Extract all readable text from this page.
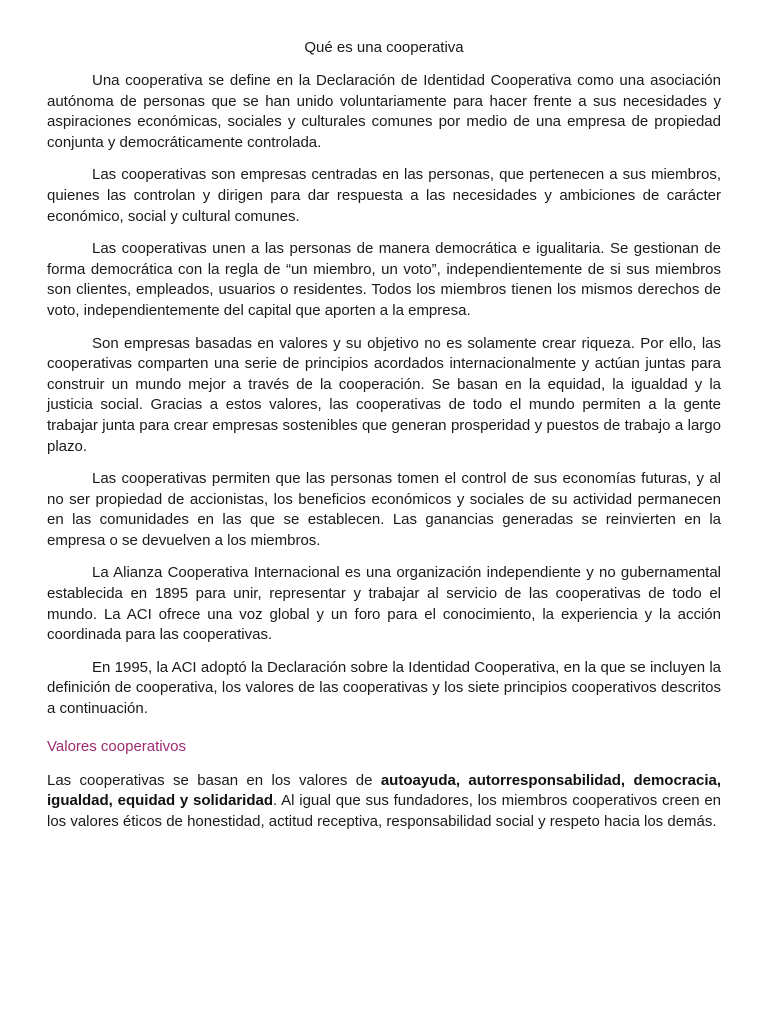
Qué es una cooperativa

Una cooperativa se define en la Declaración de Identidad Cooperativa como una asociación autónoma de personas que se han unido voluntariamente para hacer frente a sus necesidades y aspiraciones económicas, sociales y culturales comunes por medio de una empresa de propiedad conjunta y democráticamente controlada.

Las cooperativas son empresas centradas en las personas, que pertenecen a sus miembros, quienes las controlan y dirigen para dar respuesta a las necesidades y ambiciones de carácter económico, social y cultural comunes.

Las cooperativas unen a las personas de manera democrática e igualitaria. Se gestionan de forma democrática con la regla de “un miembro, un voto”, independientemente de si sus miembros son clientes, empleados, usuarios o residentes. Todos los miembros tienen los mismos derechos de voto, independientemente del capital que aporten a la empresa.

Son empresas basadas en valores y su objetivo no es solamente crear riqueza. Por ello, las cooperativas comparten una serie de principios acordados internacionalmente y actúan juntas para construir un mundo mejor a través de la cooperación. Se basan en la equidad, la igualdad y la justicia social. Gracias a estos valores, las cooperativas de todo el mundo permiten a la gente trabajar junta para crear empresas sostenibles que generan prosperidad y puestos de trabajo a largo plazo.

Las cooperativas permiten que las personas tomen el control de sus economías futuras, y al no ser propiedad de accionistas, los beneficios económicos y sociales de su actividad permanecen en las comunidades en las que se establecen. Las ganancias generadas se reinvierten en la empresa o se devuelven a los miembros.

La Alianza Cooperativa Internacional es una organización independiente y no gubernamental establecida en 1895 para unir, representar y trabajar al servicio de las cooperativas de todo el mundo. La ACI ofrece una voz global y un foro para el conocimiento, la experiencia y la acción coordinada para las cooperativas.

En 1995, la ACI adoptó la Declaración sobre la Identidad Cooperativa, en la que se incluyen la definición de cooperativa, los valores de las cooperativas y los siete principios cooperativos descritos a continuación.

Valores cooperativos

Las cooperativas se basan en los valores de autoayuda, autorresponsabilidad, democracia, igualdad, equidad y solidaridad. Al igual que sus fundadores, los miembros cooperativos creen en los valores éticos de honestidad, actitud receptiva, responsabilidad social y respeto hacia los demás.
